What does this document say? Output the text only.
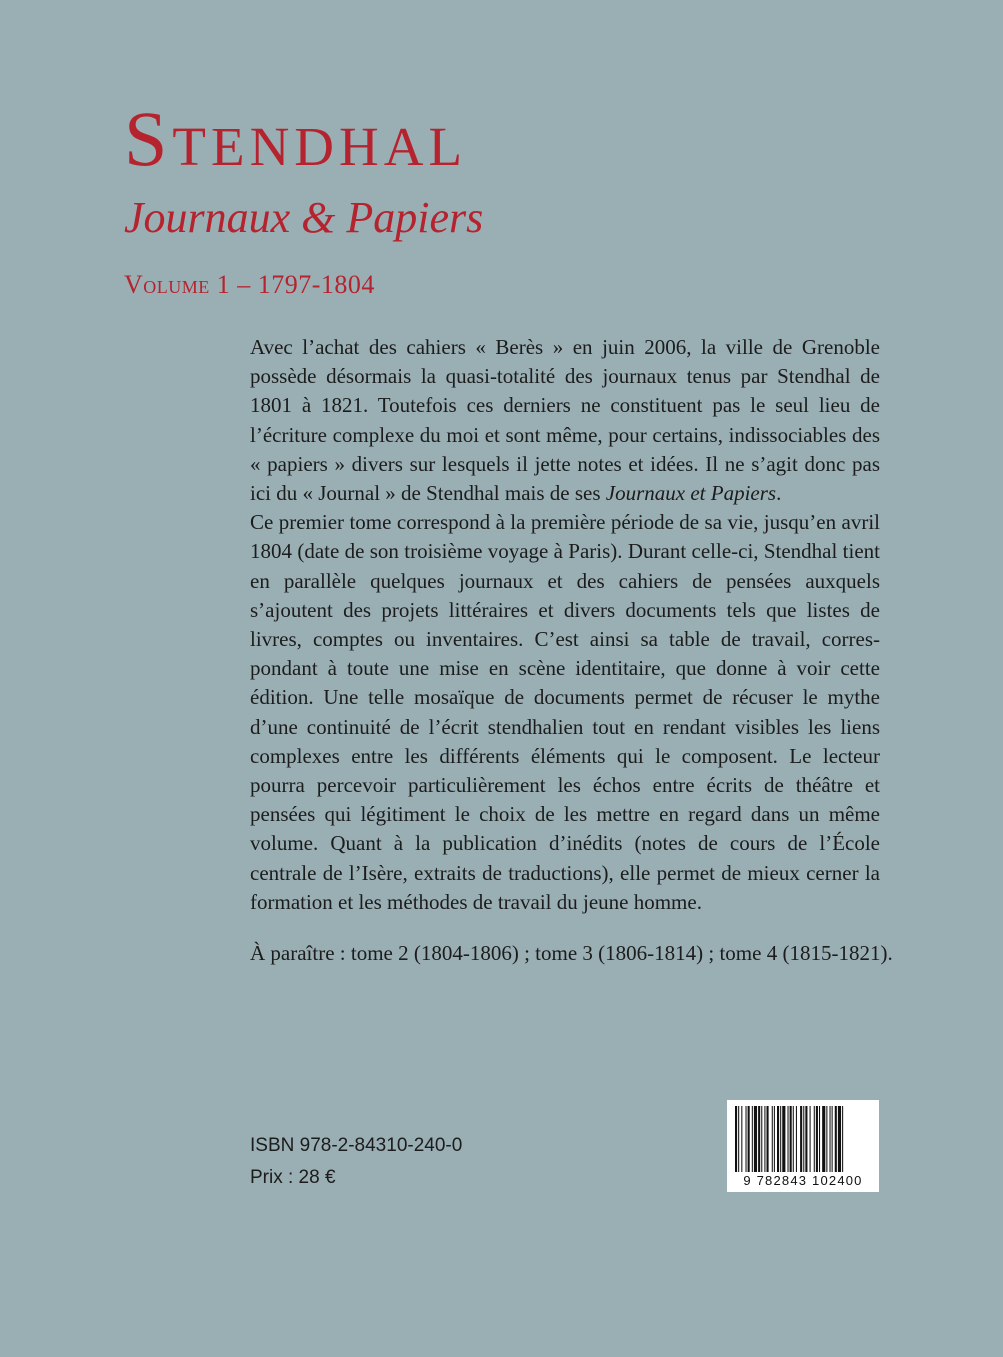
Stendhal
Journaux & Papiers
Volume 1 – 1797-1804

Avec l’achat des cahiers « Berès » en juin 2006, la ville de Grenoble possède désormais la quasi-totalité des journaux tenus par Stendhal de 1801 à 1821. Toutefois ces derniers ne constituent pas le seul lieu de l’écriture complexe du moi et sont même, pour certains, indissociables des « papiers » divers sur lesquels il jette notes et idées. Il ne s’agit donc pas ici du « Journal » de Stendhal mais de ses Journaux et Papiers.

Ce premier tome correspond à la première période de sa vie, jusqu’en avril 1804 (date de son troisième voyage à Paris). Durant celle-ci, Stendhal tient en parallèle quelques journaux et des cahiers de pensées auxquels s’ajoutent des projets littéraires et divers documents tels que listes de livres, comptes ou inventaires. C’est ainsi sa table de travail, corres-pondant à toute une mise en scène identitaire, que donne à voir cette édition. Une telle mosaïque de documents permet de récuser le mythe d’une continuité de l’écrit stendhalien tout en rendant visibles les liens complexes entre les différents éléments qui le composent. Le lecteur pourra percevoir particulièrement les échos entre écrits de théâtre et pensées qui légitiment le choix de les mettre en regard dans un même volume. Quant à la publication d’inédits (notes de cours de l’École centrale de l’Isère, extraits de traductions), elle permet de mieux cerner la formation et les méthodes de travail du jeune homme.

À paraître : tome 2 (1804-1806) ; tome 3 (1806-1814) ; tome 4 (1815-1821).
ISBN 978-2-84310-240-0
Prix : 28 €	9 782843 102400
